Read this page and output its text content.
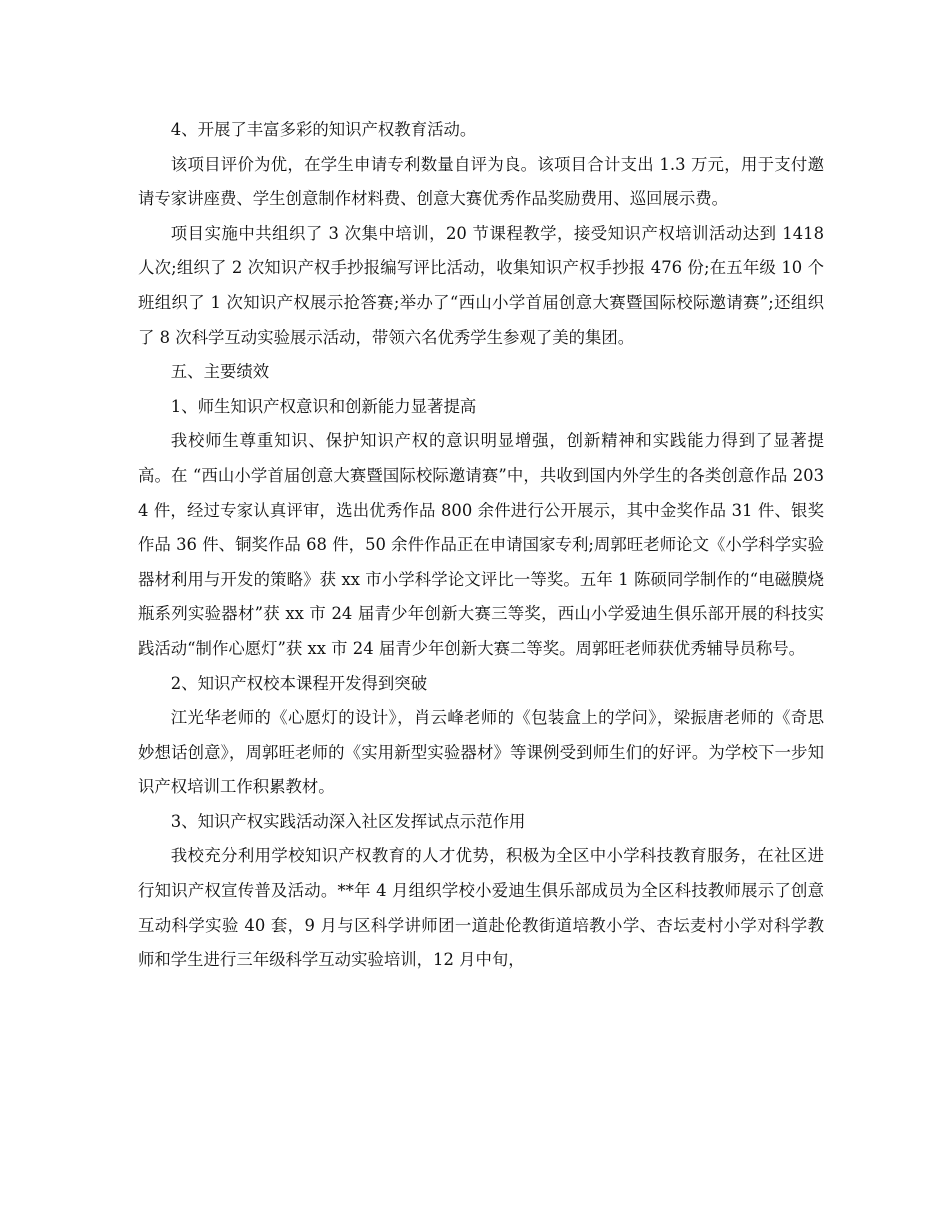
4、开展了丰富多彩的知识产权教育活动。

该项目评价为优，在学生申请专利数量自评为良。该项目合计支出 1.3 万元，用于支付邀请专家讲座费、学生创意制作材料费、创意大赛优秀作品奖励费用、巡回展示费。

项目实施中共组织了 3 次集中培训，20 节课程教学，接受知识产权培训活动达到 1418 人次;组织了 2 次知识产权手抄报编写评比活动，收集知识产权手抄报 476 份;在五年级 10 个班组织了 1 次知识产权展示抢答赛;举办了“西山小学首届创意大赛暨国际校际邀请赛”;还组织了 8 次科学互动实验展示活动，带领六名优秀学生参观了美的集团。

五、主要绩效

1、师生知识产权意识和创新能力显著提高

我校师生尊重知识、保护知识产权的意识明显增强，创新精神和实践能力得到了显著提高。在 “西山小学首届创意大赛暨国际校际邀请赛”中，共收到国内外学生的各类创意作品 2034 件，经过专家认真评审，选出优秀作品 800 余件进行公开展示，其中金奖作品 31 件、银奖作品 36 件、铜奖作品 68 件，50 余件作品正在申请国家专利;周郭旺老师论文《小学科学实验器材利用与开发的策略》获 xx 市小学科学论文评比一等奖。五年 1 陈硕同学制作的“电磁膜烧瓶系列实验器材”获 xx 市 24 届青少年创新大赛三等奖，西山小学爱迪生俱乐部开展的科技实践活动“制作心愿灯”获 xx 市 24 届青少年创新大赛二等奖。周郭旺老师获优秀辅导员称号。

2、知识产权校本课程开发得到突破

江光华老师的《心愿灯的设计》，肖云峰老师的《包装盒上的学问》，梁振唐老师的《奇思妙想话创意》，周郭旺老师的《实用新型实验器材》等课例受到师生们的好评。为学校下一步知识产权培训工作积累教材。

3、知识产权实践活动深入社区发挥试点示范作用

我校充分利用学校知识产权教育的人才优势，积极为全区中小学科技教育服务，在社区进行知识产权宣传普及活动。**年 4 月组织学校小爱迪生俱乐部成员为全区科技教师展示了创意互动科学实验 40 套，9 月与区科学讲师团一道赴伦教街道培教小学、杏坛麦村小学对科学教师和学生进行三年级科学互动实验培训，12 月中旬，
